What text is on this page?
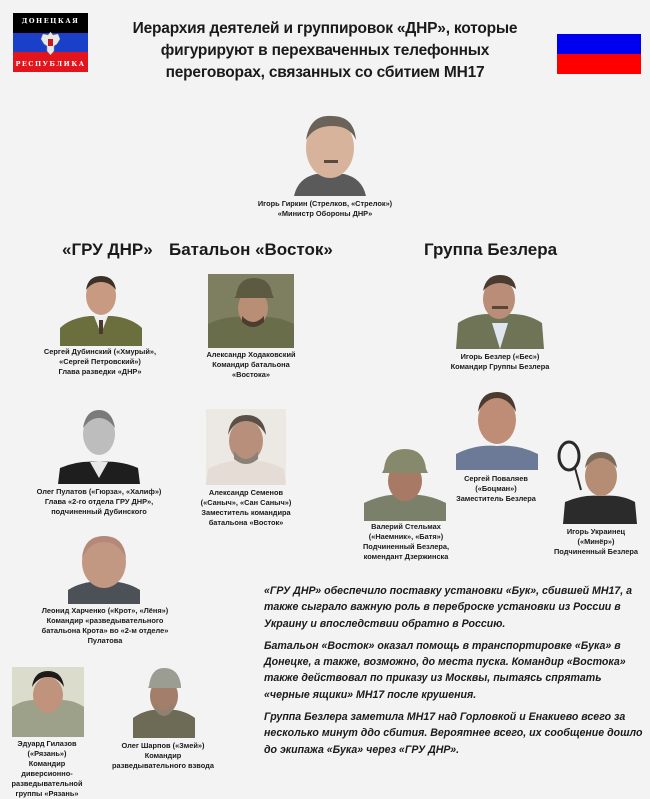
ДОНЕЦКАЯ
РЕСПУБЛИКА
Иерархия деятелей и группировок «ДНР», которые
фигурируют в перехваченных телефонных
переговорах, связанных со сбитием МН17
Игорь Гиркин (Стрелков, «Стрелок»)
«Министр Обороны ДНР»
«ГРУ ДНР» Батальон «Восток»	Группа Безлера
Сергей Дубинский («Хмурый»,
«Сергей Петровский»)
Глава разведки «ДНР»
Александр Ходаковский
Командир батальона
«Востока»
Игорь Безлер («Бес»)
Командир Группы Безлера
Олег Пулатов («Гюрза», «Халиф»)
Глава «2-го отдела ГРУ ДНР»,
подчиненный Дубинского
Александр Семенов
(«Саныч», «Сан Саныч»)
Заместитель командира
батальона «Восток»
Сергей Поваляев
(«Боцман»)
Заместитель Безлера
Валерий Стельмах
(«Наемник», «Батя»)
Подчиненный Безлера,
комендант Дзержинска
Игорь Украинец
(«Минёр»)
Подчиненный Безлера
Леонид Харченко («Крот», «Лёня»)
Командир «разведывательного
батальона Крота» во «2-м отделе»
Пулатова
Эдуард Гилазов
(«Рязань»)
Командир
диверсионно-
разведывательной
группы «Рязань»
Олег Шарпов («Змей»)
Командир
разведывательного взвода

«ГРУ ДНР» обеспечило поставку установки «Бук», сбившей МН17, а также сыграло важную роль в переброске установки из России в Украину и впоследствии обратно в Россию.

Батальон «Восток» оказал помощь в транспортировке «Бука» в Донецке, а также, возможно, до места пуска. Командир «Востока» также действовал по приказу из Москвы, пытаясь спрятать «черные ящики» МН17 после крушения.

Группа Безлера заметила МН17 над Горловкой и Енакиево всего за несколько минут ддо сбития. Вероятнее всего, их сообщение дошло до экипажа «Бука» через «ГРУ ДНР».
